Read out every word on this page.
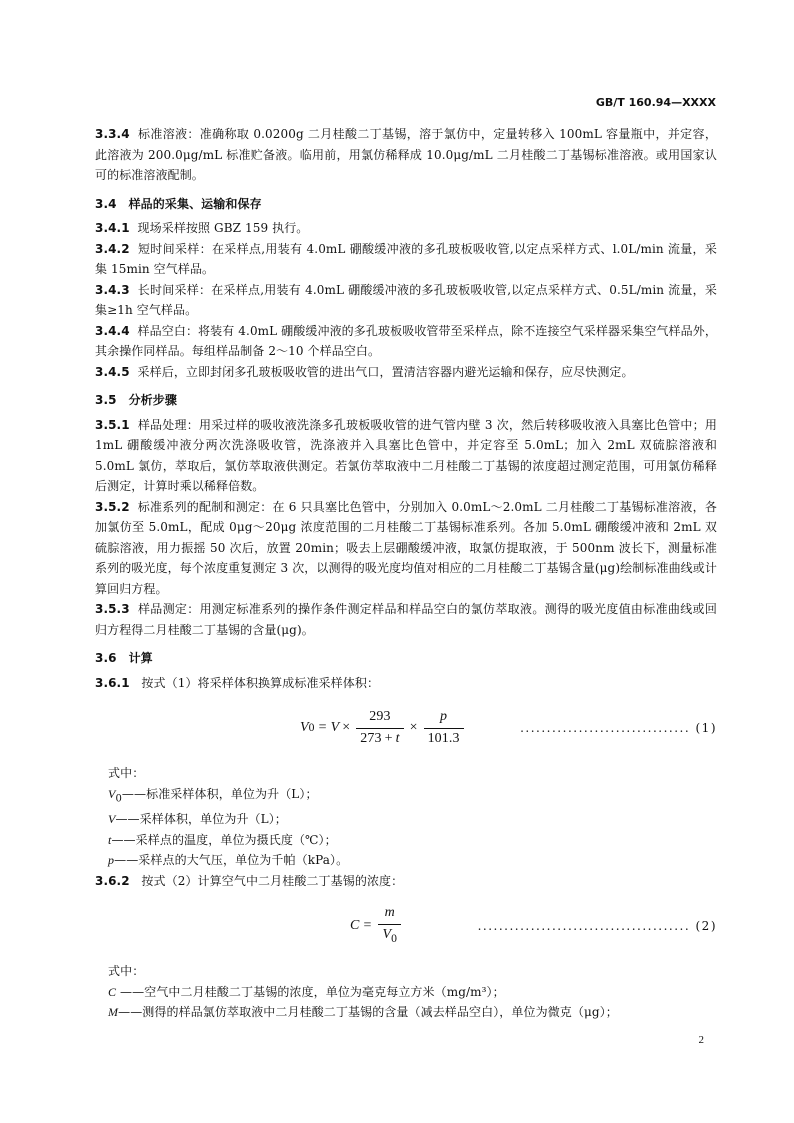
GB/T 160.94—XXXX

3.3.4 标准溶液：准确称取 0.0200g 二月桂酸二丁基锡，溶于氯仿中，定量转移入 100mL 容量瓶中，并定容，此溶液为 200.0μg/mL 标准贮备液。临用前，用氯仿稀释成 10.0μg/mL 二月桂酸二丁基锡标准溶液。或用国家认可的标准溶液配制。

3.4 样品的采集、运输和保存

3.4.1 现场采样按照 GBZ 159 执行。

3.4.2 短时间采样：在采样点,用装有 4.0mL 硼酸缓冲液的多孔玻板吸收管,以定点采样方式、l.0L/min 流量，采集 15min 空气样品。

3.4.3 长时间采样：在采样点,用装有 4.0mL 硼酸缓冲液的多孔玻板吸收管,以定点采样方式、0.5L/min 流量，采集≥1h 空气样品。

3.4.4 样品空白：将装有 4.0mL 硼酸缓冲液的多孔玻板吸收管带至采样点，除不连接空气采样器采集空气样品外，其余操作同样品。每组样品制备 2～10 个样品空白。

3.4.5 采样后，立即封闭多孔玻板吸收管的进出气口，置清洁容器内避光运输和保存，应尽快测定。

3.5 分析步骤

3.5.1 样品处理：用采过样的吸收液洗涤多孔玻板吸收管的进气管内壁 3 次，然后转移吸收液入具塞比色管中；用 1mL 硼酸缓冲液分两次洗涤吸收管，洗涤液并入具塞比色管中，并定容至 5.0mL；加入 2mL 双硫腙溶液和 5.0mL 氯仿，萃取后，氯仿萃取液供测定。若氯仿萃取液中二月桂酸二丁基锡的浓度超过测定范围，可用氯仿稀释后测定，计算时乘以稀释倍数。

3.5.2 标准系列的配制和测定：在 6 只具塞比色管中，分别加入 0.0mL～2.0mL 二月桂酸二丁基锡标准溶液，各加氯仿至 5.0mL，配成 0μg～20μg 浓度范围的二月桂酸二丁基锡标准系列。各加 5.0mL 硼酸缓冲液和 2mL 双硫腙溶液，用力振摇 50 次后，放置 20min；吸去上层硼酸缓冲液，取氯仿提取液，于 500nm 波长下，测量标准系列的吸光度，每个浓度重复测定 3 次，以测得的吸光度均值对相应的二月桂酸二丁基锡含量(μg)绘制标准曲线或计算回归方程。

3.5.3 样品测定：用测定标准系列的操作条件测定样品和样品空白的氯仿萃取液。测得的吸光度值由标准曲线或回归方程得二月桂酸二丁基锡的含量(μg)。

3.6 计算

3.6.1 按式（1）将采样体积换算成标准采样体积：

V $0 = V \times \frac{293}{273 + t} \times \frac{p}{101.3}$	................................
(1)
式中：
$V_0——$标准采样体积，单位为升（L）；
V——采样体积，单位为升（L）；
t——采样点的温度，单位为摄氏度（℃）；
p——采样点的大气压，单位为千帕（kPa）。

3.6.2 按式（2）计算空气中二月桂酸二丁基锡的浓度：

$C = \frac{m}{V_0}$	........................................
(2)
式中：
C ——空气中二月桂酸二丁基锡的浓度，单位为毫克每立方米（mg/m³）；
M——测得的样品氯仿萃取液中二月桂酸二丁基锡的含量（减去样品空白），单位为微克（μg）；
2
